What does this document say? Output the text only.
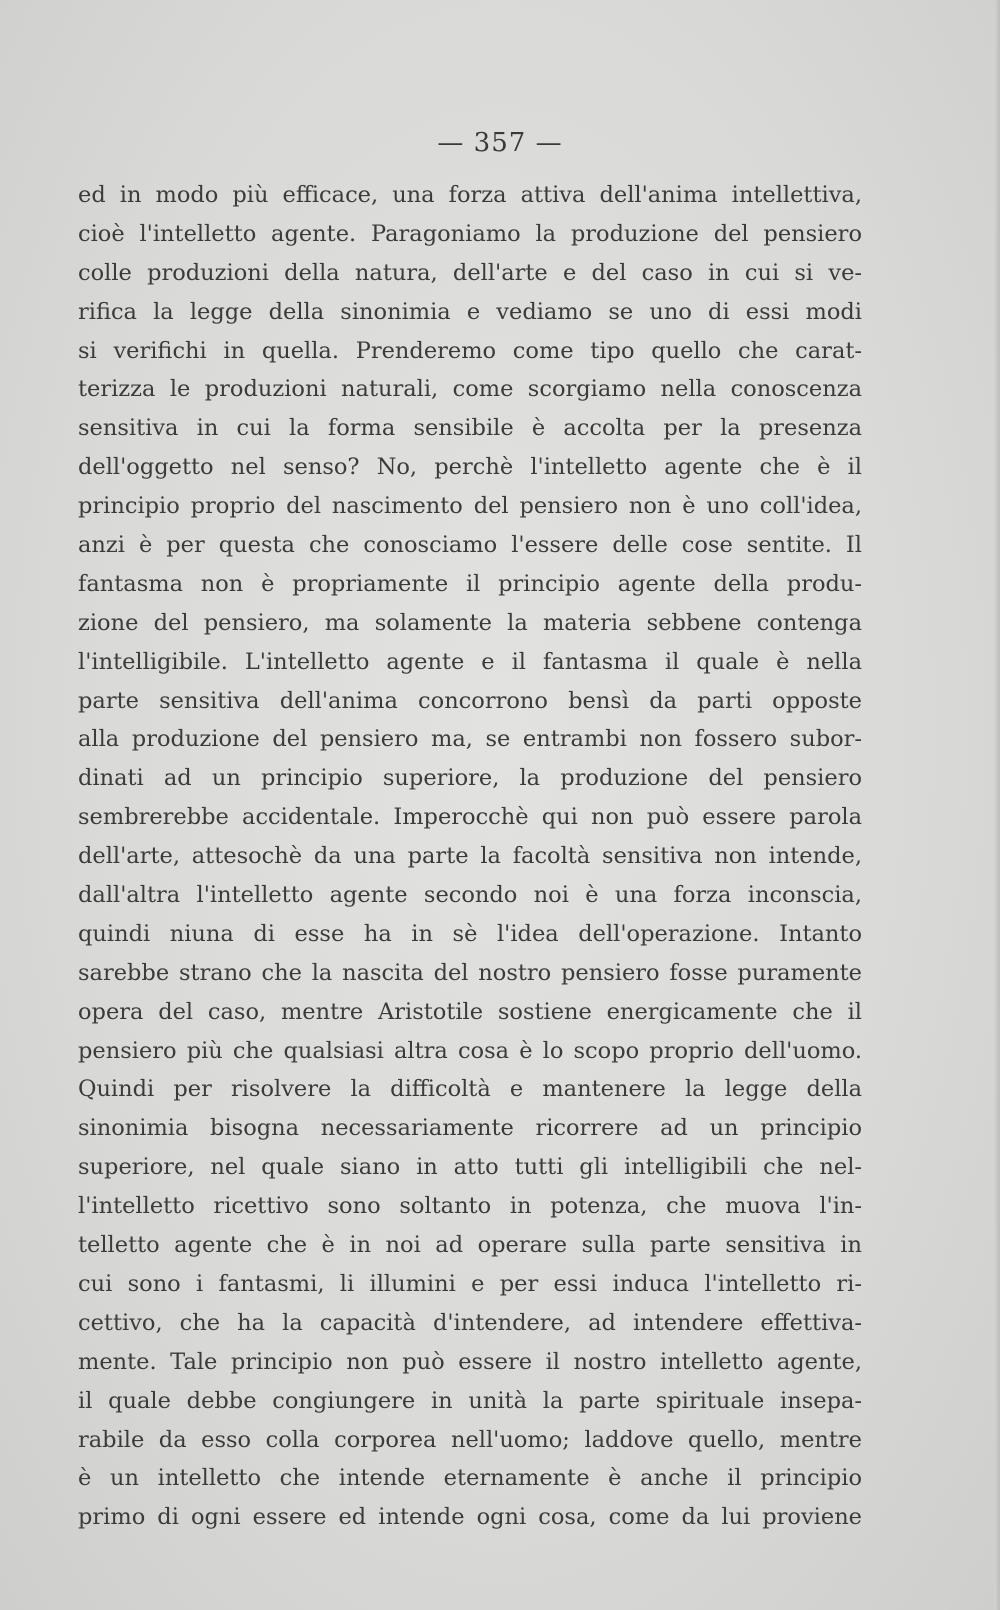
— 357 —
ed in modo più efficace, una forza attiva dell'anima intellettiva,
cioè l'intelletto agente. Paragoniamo la produzione del pensiero
colle produzioni della natura, dell'arte e del caso in cui si ve-
rifica la legge della sinonimia e vediamo se uno di essi modi
si verifichi in quella. Prenderemo come tipo quello che carat-
terizza le produzioni naturali, come scorgiamo nella conoscenza
sensitiva in cui la forma sensibile è accolta per la presenza
dell'oggetto nel senso? No, perchè l'intelletto agente che è il
principio proprio del nascimento del pensiero non è uno coll'idea,
anzi è per questa che conosciamo l'essere delle cose sentite. Il
fantasma non è propriamente il principio agente della produ-
zione del pensiero, ma solamente la materia sebbene contenga
l'intelligibile. L'intelletto agente e il fantasma il quale è nella
parte sensitiva dell'anima concorrono bensì da parti opposte
alla produzione del pensiero ma, se entrambi non fossero subor-
dinati ad un principio superiore, la produzione del pensiero
sembrerebbe accidentale. Imperocchè qui non può essere parola
dell'arte, attesochè da una parte la facoltà sensitiva non intende,
dall'altra l'intelletto agente secondo noi è una forza inconscia,
quindi niuna di esse ha in sè l'idea dell'operazione. Intanto
sarebbe strano che la nascita del nostro pensiero fosse puramente
opera del caso, mentre Aristotile sostiene energicamente che il
pensiero più che qualsiasi altra cosa è lo scopo proprio dell'uomo.
Quindi per risolvere la difficoltà e mantenere la legge della
sinonimia bisogna necessariamente ricorrere ad un principio
superiore, nel quale siano in atto tutti gli intelligibili che nel-
l'intelletto ricettivo sono soltanto in potenza, che muova l'in-
telletto agente che è in noi ad operare sulla parte sensitiva in
cui sono i fantasmi, li illumini e per essi induca l'intelletto ri-
cettivo, che ha la capacità d'intendere, ad intendere effettiva-
mente. Tale principio non può essere il nostro intelletto agente,
il quale debbe congiungere in unità la parte spirituale insepa-
rabile da esso colla corporea nell'uomo; laddove quello, mentre
è un intelletto che intende eternamente è anche il principio
primo di ogni essere ed intende ogni cosa, come da lui proviene
